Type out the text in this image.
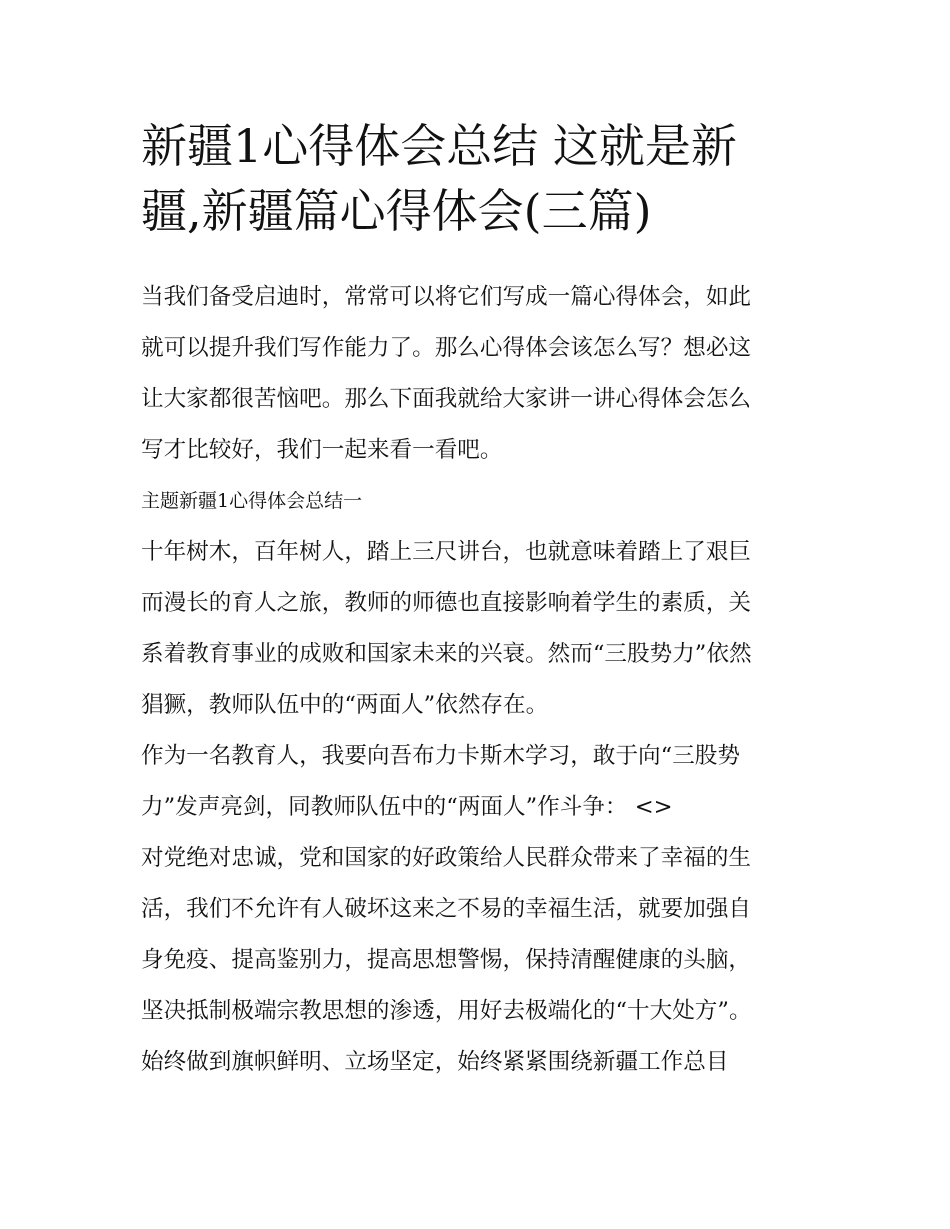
新疆1心得体会总结 这就是新
疆,新疆篇心得体会(三篇)

当我们备受启迪时，常常可以将它们写成一篇心得体会，如此
就可以提升我们写作能力了。那么心得体会该怎么写？想必这
让大家都很苦恼吧。那么下面我就给大家讲一讲心得体会怎么
写才比较好，我们一起来看一看吧。

主题新疆1心得体会总结一

十年树木，百年树人，踏上三尺讲台，也就意味着踏上了艰巨
而漫长的育人之旅，教师的师德也直接影响着学生的素质，关
系着教育事业的成败和国家未来的兴衰。然而“三股势力”依然
猖獗，教师队伍中的“两面人”依然存在。

作为一名教育人，我要向吾布力卡斯木学习，敢于向“三股势
力”发声亮剑，同教师队伍中的“两面人”作斗争： <>

对党绝对忠诚，党和国家的好政策给人民群众带来了幸福的生
活，我们不允许有人破坏这来之不易的幸福生活，就要加强自
身免疫、提高鉴别力，提高思想警惕，保持清醒健康的头脑，
坚决抵制极端宗教思想的渗透，用好去极端化的“十大处方”。
始终做到旗帜鲜明、立场坚定，始终紧紧围绕新疆工作总目
